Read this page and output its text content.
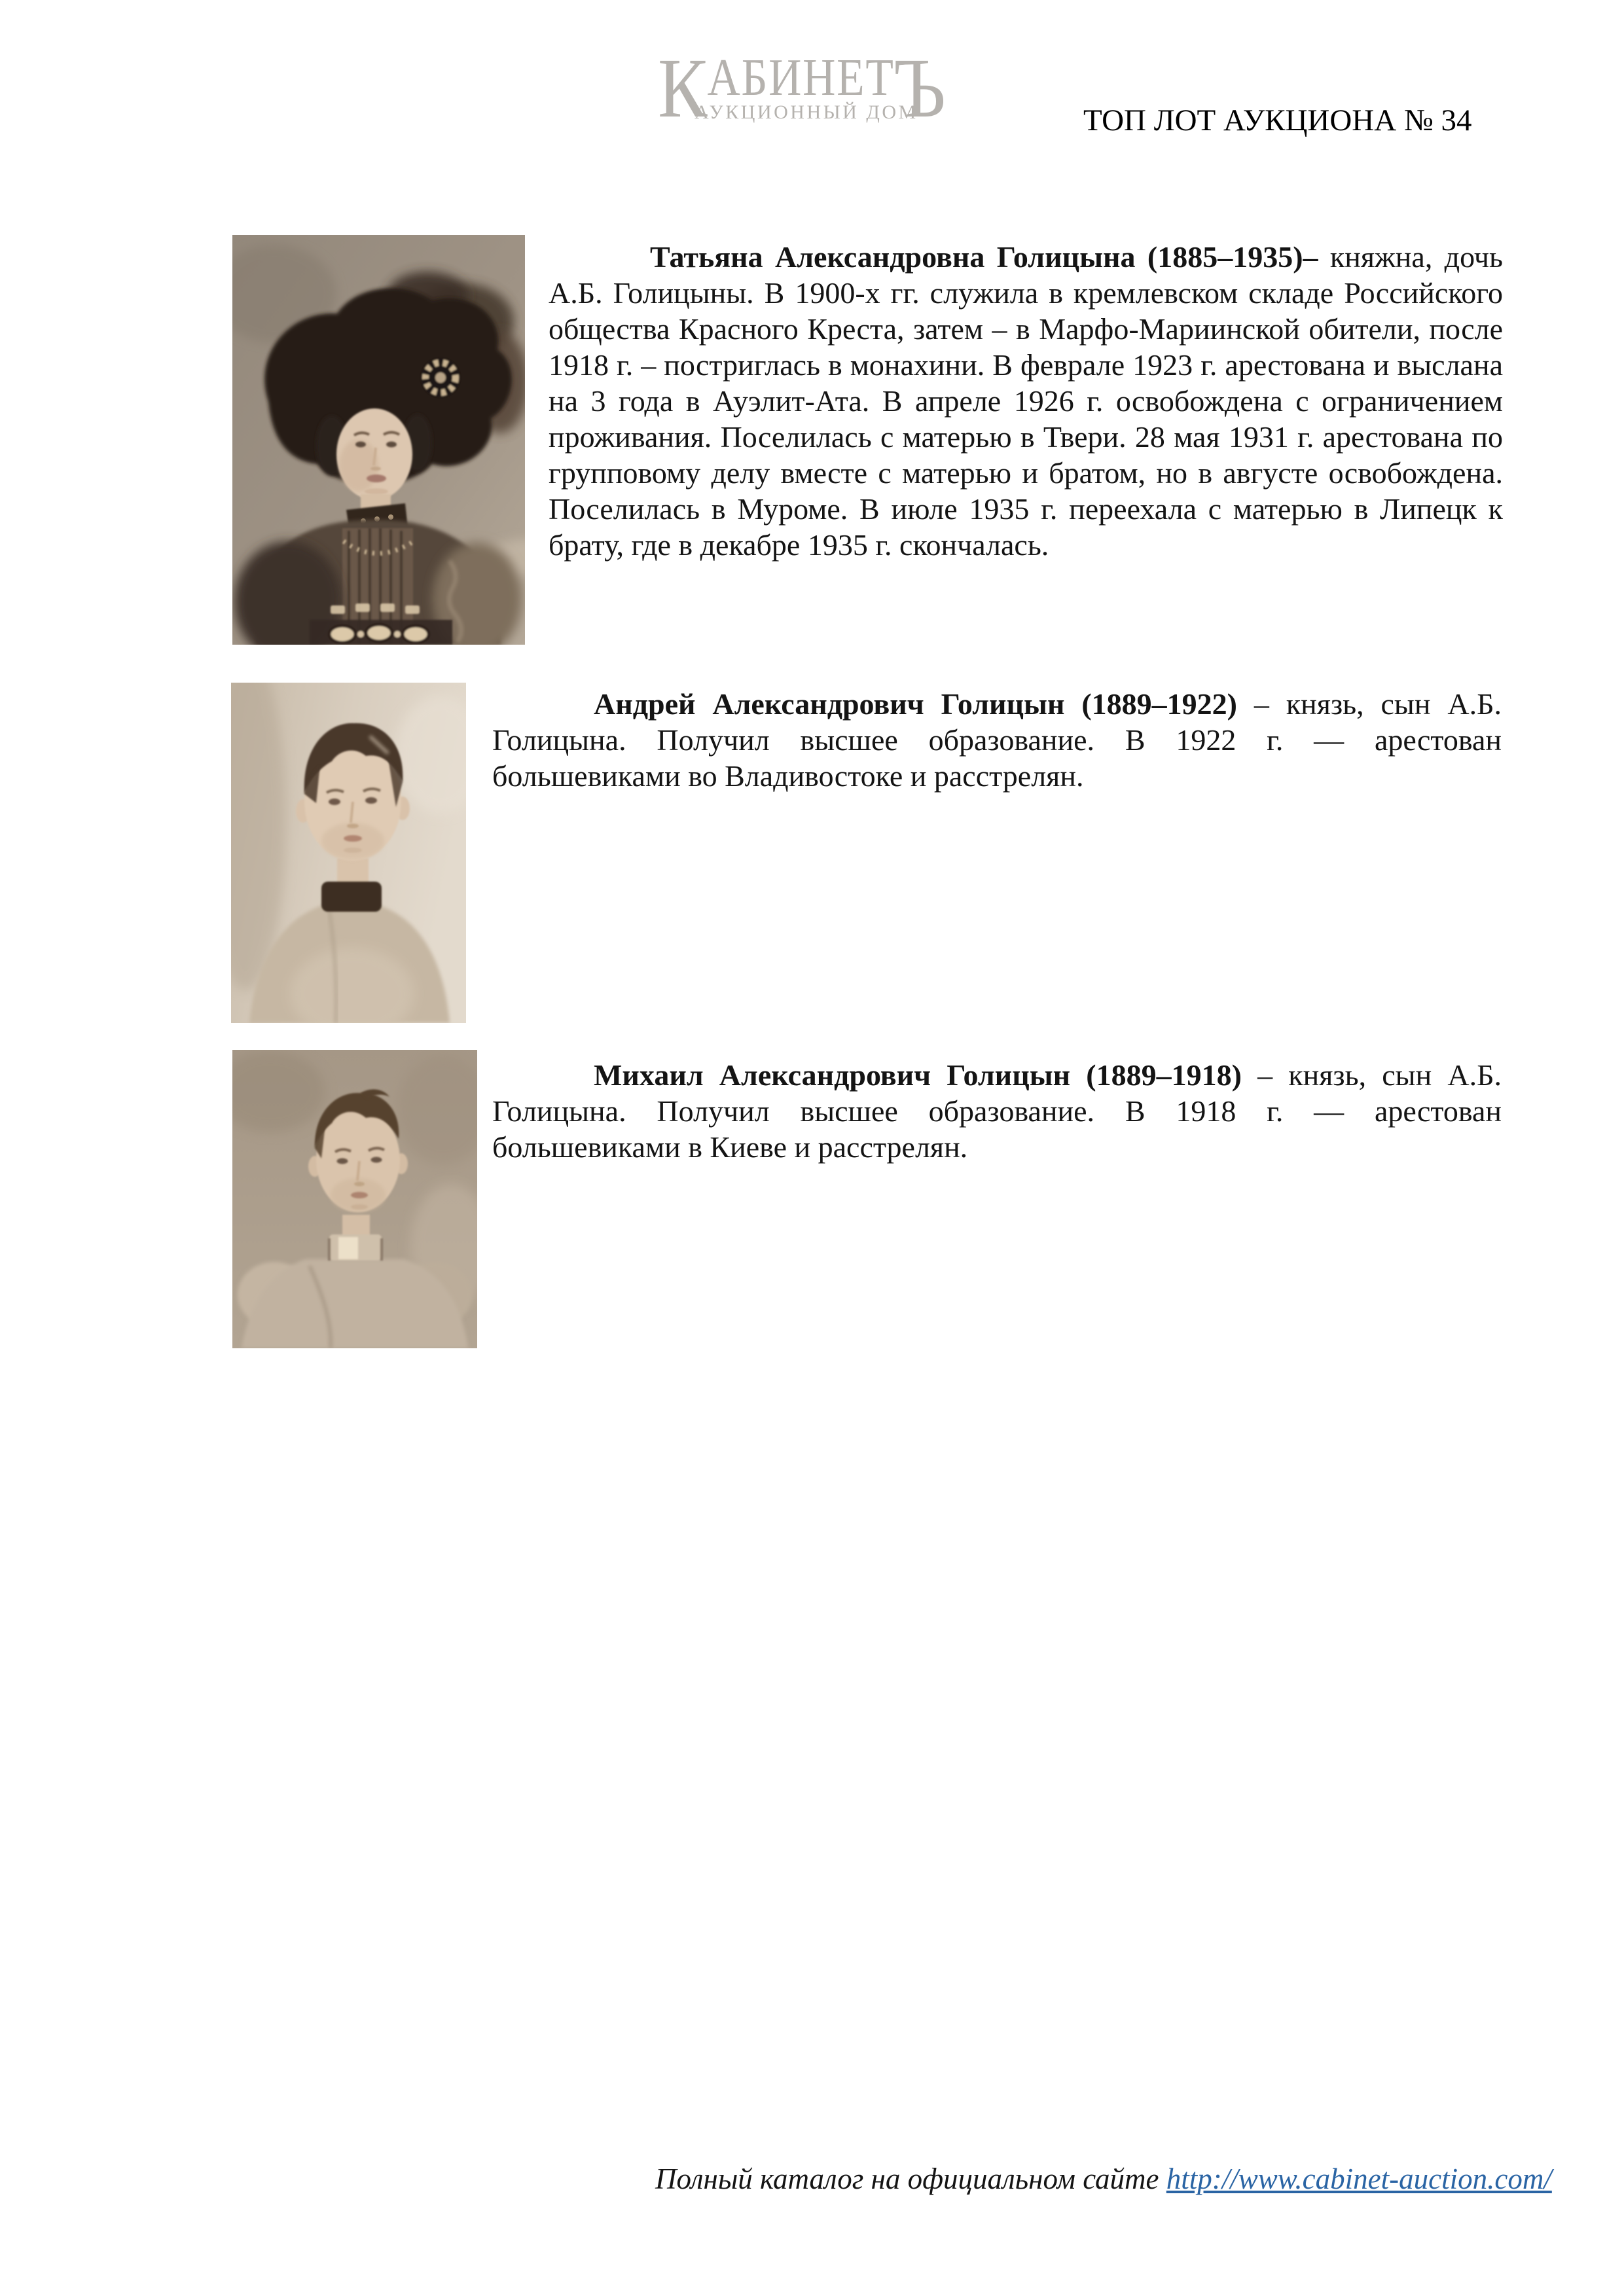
К АБИНЕТ
Ъ
АУКЦИОННЫЙ ДОМ	ТОП ЛОТ АУКЦИОНА № 34

Татьяна Александровна Голицына (1885–1935)– княжна, дочь А.Б. Голицыны. В 1900-х гг. служила в кремлевском складе Российского общества Красного Креста, затем – в Марфо-Мариинской обители, после 1918 г. – постриглась в монахини. В феврале 1923 г. арестована и выслана на 3 года в Ауэлит-Ата. В апреле 1926 г. освобождена с ограничением проживания. Поселилась с матерью в Твери. 28 мая 1931 г. арестована по групповому делу вместе с матерью и братом, но в августе освобождена. Поселилась в Муроме. В июле 1935 г. переехала с матерью в Липецк к брату, где в декабре 1935 г. скончалась.

Андрей Александрович Голицын (1889–1922) – князь, сын А.Б. Голицына. Получил высшее образование. В 1922 г. — арестован большевиками во Владивостоке и расстрелян.

Михаил Александрович Голицын (1889–1918) – князь, сын А.Б. Голицына. Получил высшее образование. В 1918 г. — арестован большевиками в Киеве и расстрелян.

Полный каталог на официальном сайте http://www.cabinet-auction.com/
